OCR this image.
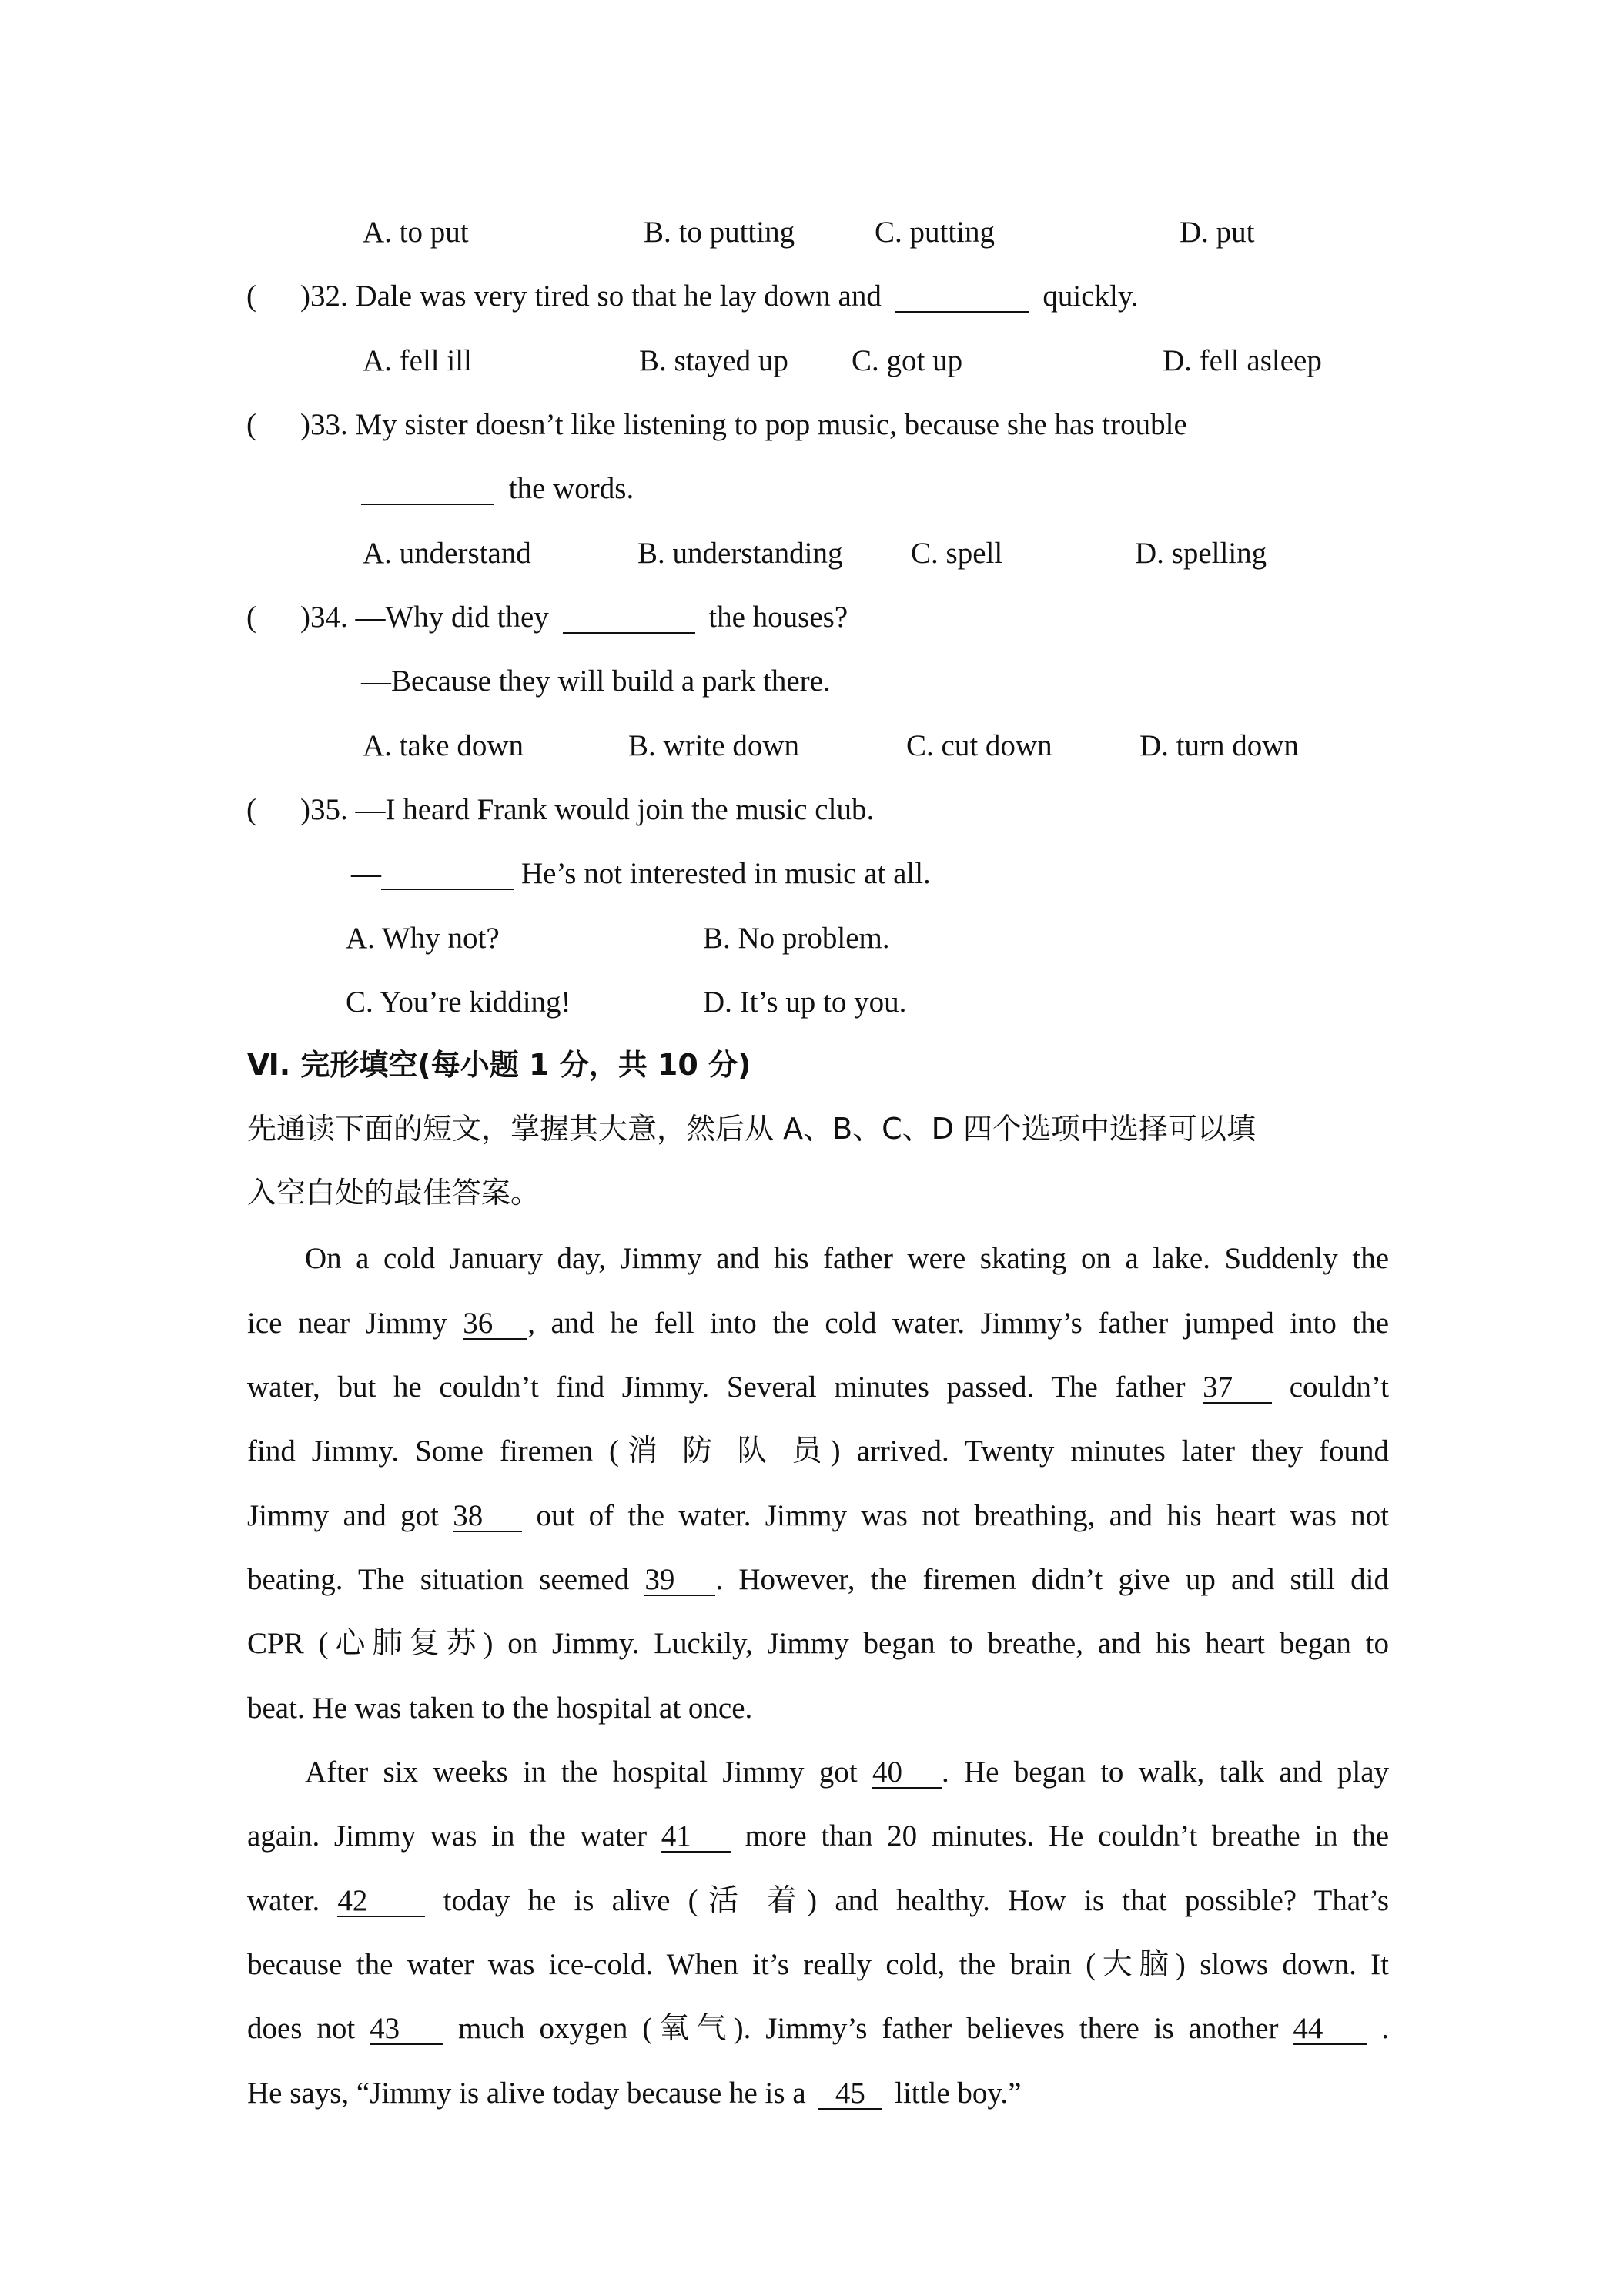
A. to put	B. to putting	C. putting	D. put
( )32. Dale was very tired so that he lay down and	quickly.
A. fell ill	B. stayed up C. got up	D. fell asleep
( )33. My sister doesn’t like listening to pop music, because she has trouble
the words.
A. understand	B. understanding C. spell	D. spelling
( )34. —Why did they	the houses?
—Because they will build a park there.
A. take down	B. write down	C. cut down	D. turn down
( )35. —I heard Frank would join the music club.
—	He’s not interested in music at all.
A. Why not?	B. No problem.
C. You’re kidding!	D. It’s up to you.
Ⅵ. 完形填空(每小题 1 分，共 10 分)
先通读下面的短文，掌握其大意，然后从 A、B、C、D 四个选项中选择可以填
入空白处的最佳答案。
On a cold January day, Jimmy and his father were skating on a lake. Suddenly the
ice near Jimmy 36 , and he fell into the cold water. Jimmy’s father jumped into the
water, but he couldn’t find Jimmy. Several minutes passed. The father 37 couldn’t
find Jimmy. Some firemen (消 防 队 员) arrived. Twenty minutes later they found
Jimmy and got 38 out of the water. Jimmy was not breathing, and his heart was not
beating. The situation seemed 39 . However, the firemen didn’t give up and still did
CPR (心肺复苏) on Jimmy. Luckily, Jimmy began to breathe, and his heart began to
beat. He was taken to the hospital at once.
After six weeks in the hospital Jimmy got 40 . He began to walk, talk and play
again. Jimmy was in the water 41 more than 20 minutes. He couldn’t breathe in the
water. 42	today he is alive (活 着) and healthy. How is that possible? That’s
because the water was ice-cold. When it’s really cold, the brain (大脑) slows down. It
does not 43 much oxygen (氧气). Jimmy’s father believes there is another 44 .
He says, “Jimmy is alive today because he is a 45 little boy.”
